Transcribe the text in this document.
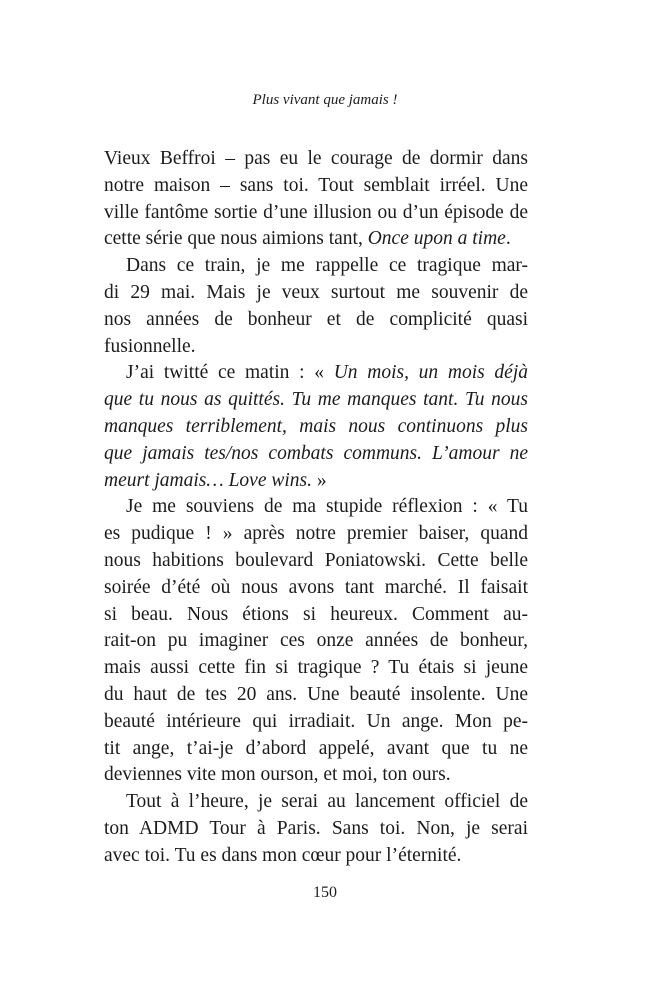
Plus vivant que jamais !
Vieux Beffroi – pas eu le courage de dormir dans
notre maison – sans toi. Tout semblait irréel. Une
ville fantôme sortie d’une illusion ou d’un épisode de
cette série que nous aimions tant, Once upon a time.
Dans ce train, je me rappelle ce tragique mar-
di 29 mai. Mais je veux surtout me souvenir de
nos années de bonheur et de complicité quasi
fusionnelle.
J’ai twitté ce matin : « Un mois, un mois déjà
que tu nous as quittés. Tu me manques tant. Tu nous
manques terriblement, mais nous continuons plus
que jamais tes/nos combats communs. L’amour ne
meurt jamais… Love wins. »
Je me souviens de ma stupide réflexion : « Tu
es pudique ! » après notre premier baiser, quand
nous habitions boulevard Poniatowski. Cette belle
soirée d’été où nous avons tant marché. Il faisait
si beau. Nous étions si heureux. Comment au-
rait-on pu imaginer ces onze années de bonheur,
mais aussi cette fin si tragique ? Tu étais si jeune
du haut de tes 20 ans. Une beauté insolente. Une
beauté intérieure qui irradiait. Un ange. Mon pe-
tit ange, t’ai-je d’abord appelé, avant que tu ne
deviennes vite mon ourson, et moi, ton ours.
Tout à l’heure, je serai au lancement officiel de
ton ADMD Tour à Paris. Sans toi. Non, je serai
avec toi. Tu es dans mon cœur pour l’éternité.
150
